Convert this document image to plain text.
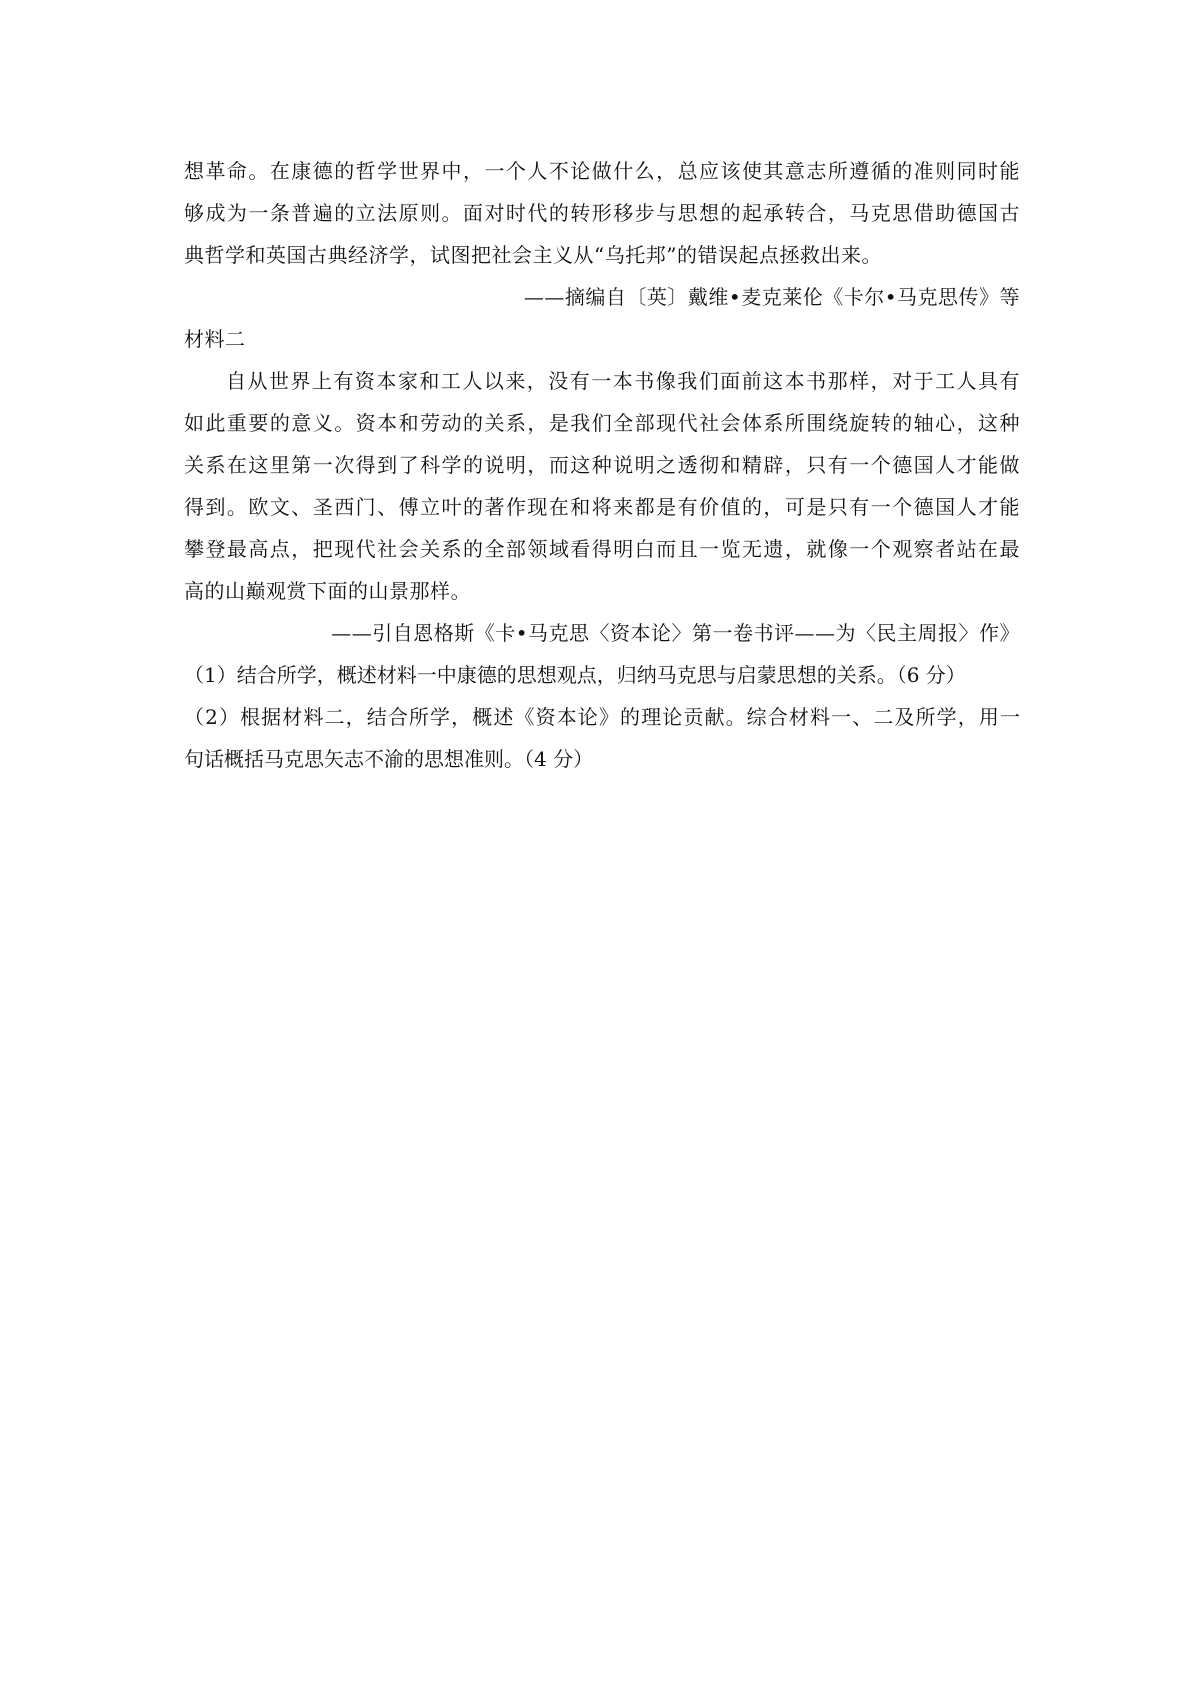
想革命。在康德的哲学世界中，一个人不论做什么，总应该使其意志所遵循的准则同时能
够成为一条普遍的立法原则。面对时代的转形移步与思想的起承转合，马克思借助德国古
典哲学和英国古典经济学，试图把社会主义从“乌托邦”的错误起点拯救出来。
——摘编自〔英〕戴维•麦克莱伦《卡尔•马克思传》等
材料二
自从世界上有资本家和工人以来，没有一本书像我们面前这本书那样，对于工人具有
如此重要的意义。资本和劳动的关系，是我们全部现代社会体系所围绕旋转的轴心，这种
关系在这里第一次得到了科学的说明，而这种说明之透彻和精辟，只有一个德国人才能做
得到。欧文、圣西门、傅立叶的著作现在和将来都是有价值的，可是只有一个德国人才能
攀登最高点，把现代社会关系的全部领域看得明白而且一览无遗，就像一个观察者站在最
高的山巅观赏下面的山景那样。
——引自恩格斯《卡•马克思〈资本论〉第一卷书评——为〈民主周报〉作》
（1）结合所学，概述材料一中康德的思想观点，归纳马克思与启蒙思想的关系。（6 分）
（2）根据材料二，结合所学，概述《资本论》的理论贡献。综合材料一、二及所学，用一
句话概括马克思矢志不渝的思想准则。（4 分）
